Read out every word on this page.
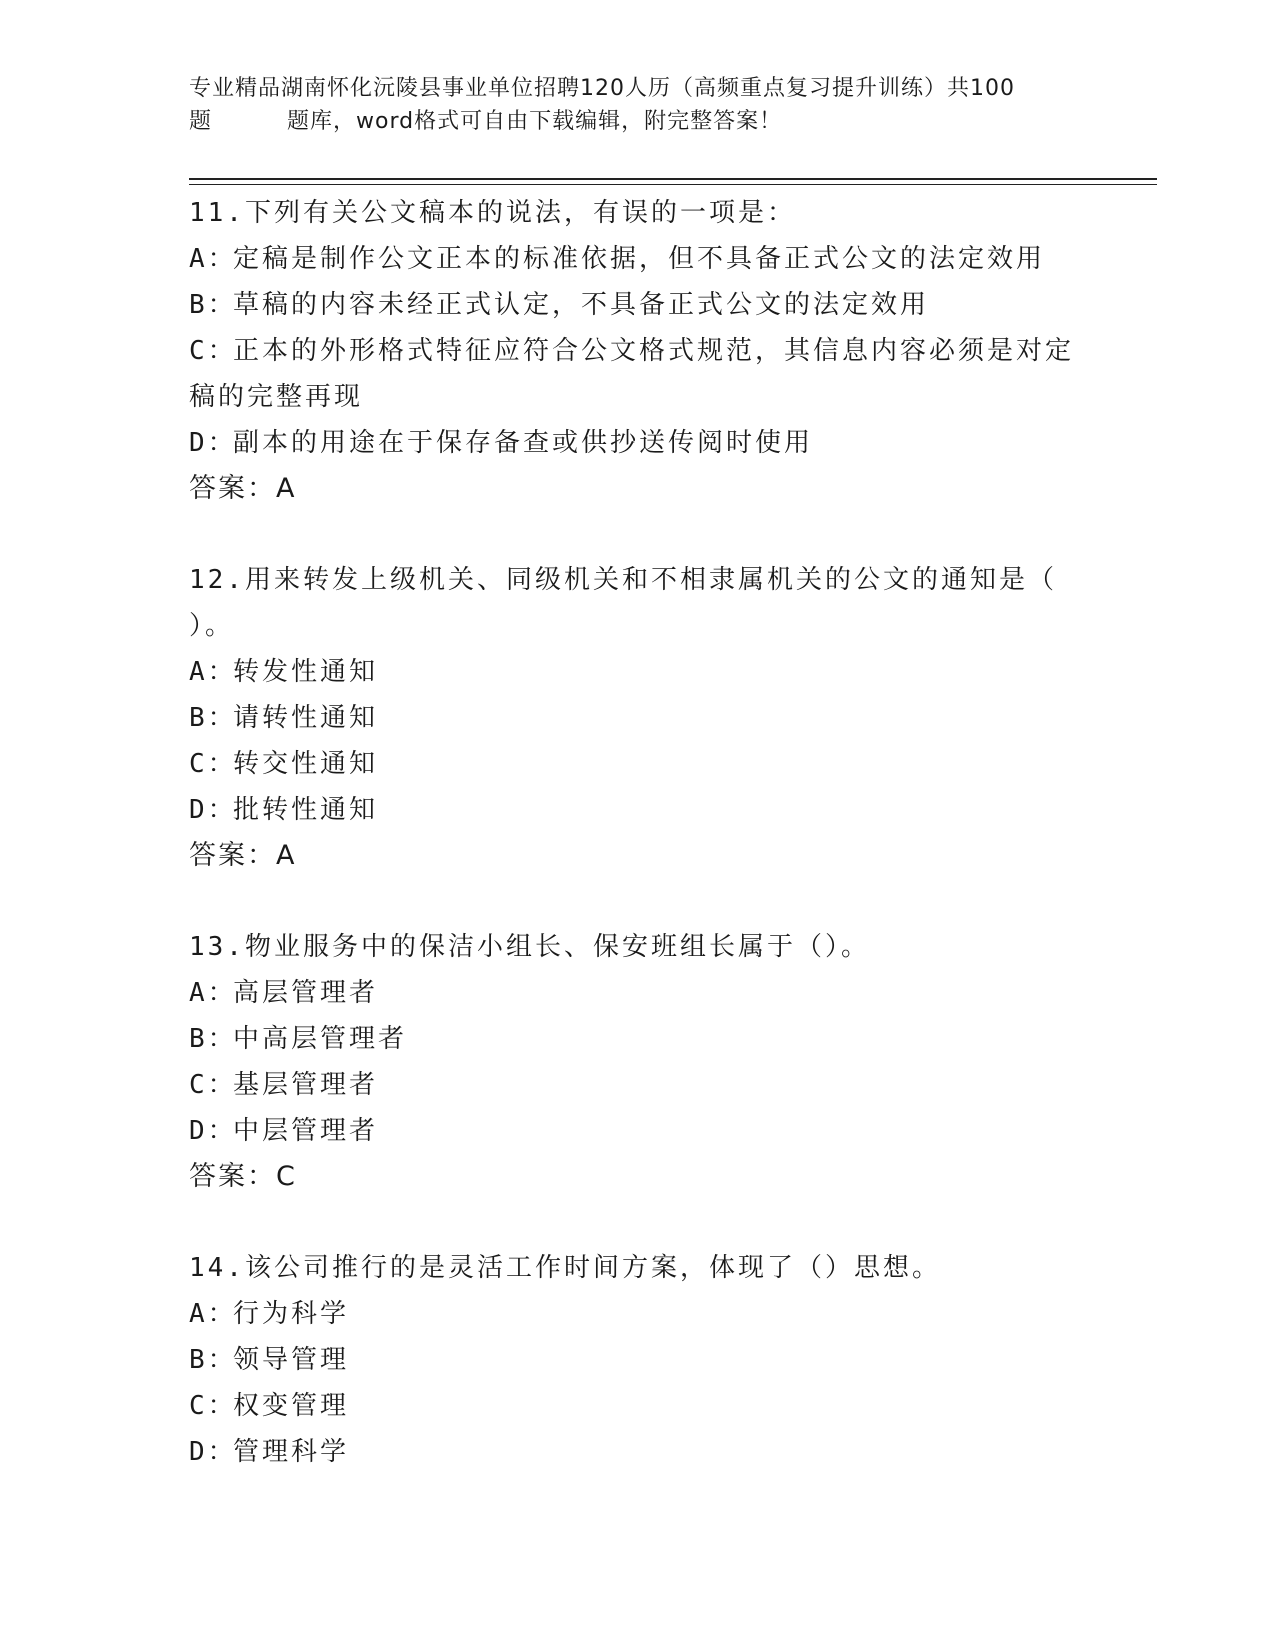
专业精品湖南怀化沅陵县事业单位招聘120人历（高频重点复习提升训练）共100
题	题库，word格式可自由下载编辑，附完整答案！
11.下列有关公文稿本的说法，有误的一项是：
A：
定稿是制作公文正本的标准依据，但不具备正式公文的法定效用
B：
草稿的内容未经正式认定，不具备正式公文的法定效用
C：
正本的外形格式特征应符合公文格式规范，其信息内容必须是对定
稿的完整再现
D：
副本的用途在于保存备查或供抄送传阅时使用
答案：A
12.用来转发上级机关、同级机关和不相隶属机关的公文的通知是（
）。
A：
转发性通知
B：
请转性通知
C：
转交性通知
D：
批转性通知
答案：A
13.物业服务中的保洁小组长、保安班组长属于（）。
A：
高层管理者
B：
中高层管理者
C：
基层管理者
D：
中层管理者
答案：C
14.该公司推行的是灵活工作时间方案，体现了（）思想。
A：
行为科学
B：
领导管理
C：
权变管理
D：
管理科学
